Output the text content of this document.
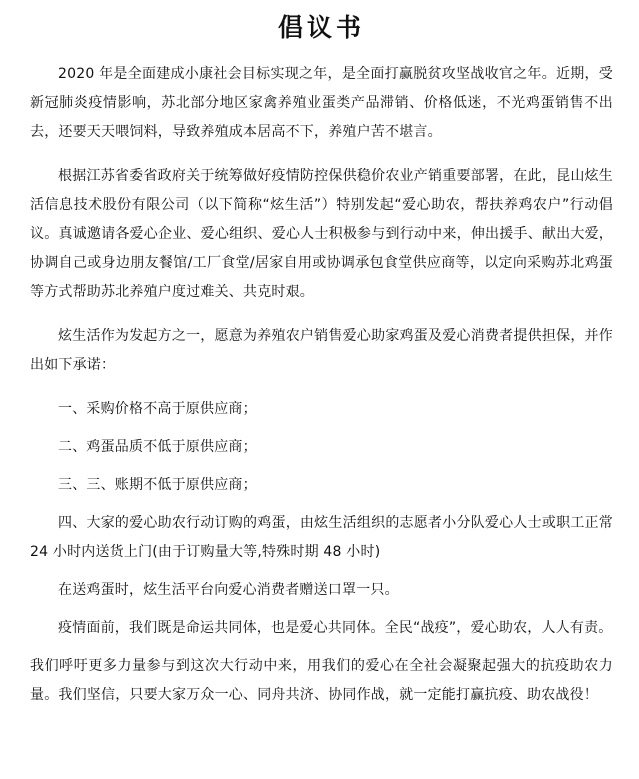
倡议书

2020 年是全面建成小康社会目标实现之年，是全面打赢脱贫攻坚战收官之年。近期，受新冠肺炎疫情影响，苏北部分地区家禽养殖业蛋类产品滞销、价格低迷，不光鸡蛋销售不出去，还要天天喂饲料，导致养殖成本居高不下，养殖户苦不堪言。

根据江苏省委省政府关于统筹做好疫情防控保供稳价农业产销重要部署，在此，昆山炫生活信息技术股份有限公司（以下简称“炫生活”）特别发起“爱心助农，帮扶养鸡农户”行动倡议。真诚邀请各爱心企业、爱心组织、爱心人士积极参与到行动中来，伸出援手、献出大爱，协调自己或身边朋友餐馆/工厂食堂/居家自用或协调承包食堂供应商等，以定向采购苏北鸡蛋等方式帮助苏北养殖户度过难关、共克时艰。

炫生活作为发起方之一，愿意为养殖农户销售爱心助家鸡蛋及爱心消费者提供担保，并作出如下承诺：

一、采购价格不高于原供应商；

二、鸡蛋品质不低于原供应商；

三、三、账期不低于原供应商；

四、大家的爱心助农行动订购的鸡蛋，由炫生活组织的志愿者小分队爱心人士或职工正常 24 小时内送货上门(由于订购量大等,特殊时期 48 小时)

在送鸡蛋时，炫生活平台向爱心消费者赠送口罩一只。

疫情面前，我们既是命运共同体，也是爱心共同体。全民“战疫”，爱心助农，人人有责。

我们呼吁更多力量参与到这次大行动中来，用我们的爱心在全社会凝聚起强大的抗疫助农力量。我们坚信，只要大家万众一心、同舟共济、协同作战，就一定能打赢抗疫、助农战役！
